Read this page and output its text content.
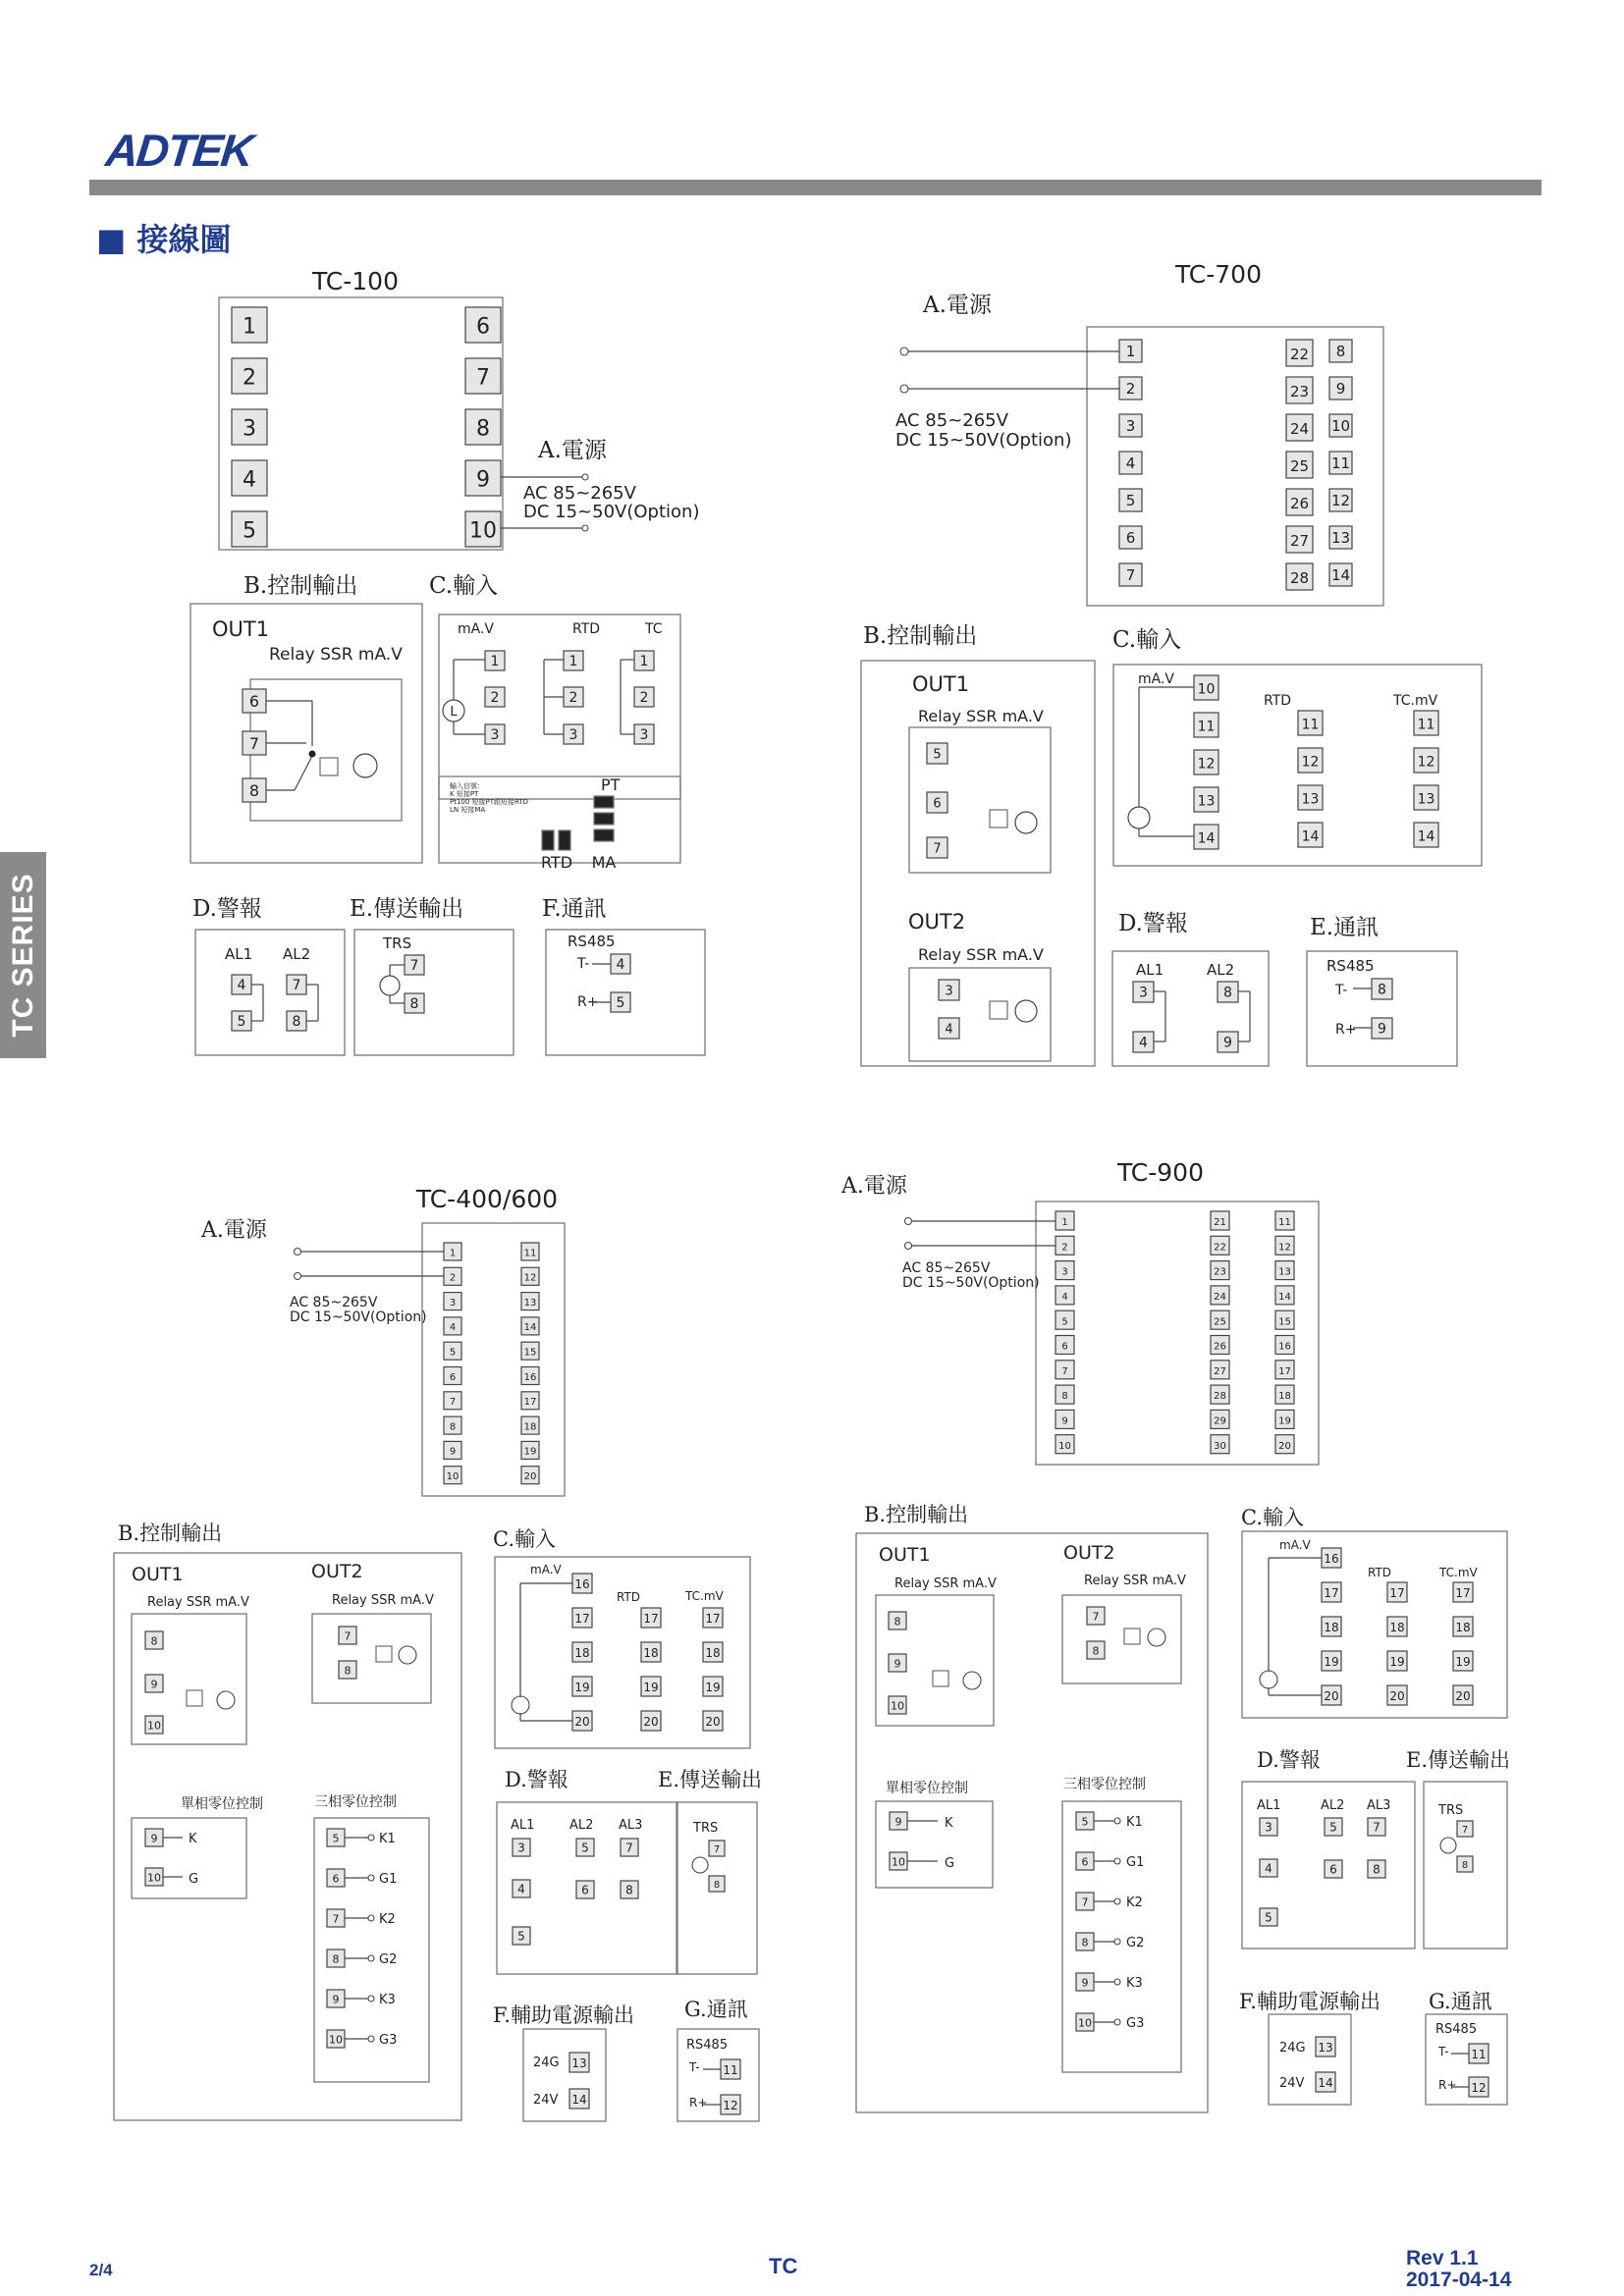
ADTEK
■ 接線圖
TC SERIES
TC-100
1
2
3
4
5
6
7
8
9
10
A.電源
AC 85~265V
DC 15~50V(Option)
B.控制輸出	C.輸入
OUT1
Relay SSR mA.V
6
7
8
mA.V	RTD	TC
1
2
3
1
2
3
1
2
3
L
輸入信號：
K 短接PT
Pt100 短接PT跟短接RTD
LN 短接MA
PT
RTD MA
D.警報	E.傳送輸出	F.通訊
AL1 AL2
4
5
7
8
TRS
7
8
RS485
T-
R+
4
5
TC-700
A.電源
1
2
3
4
5
6
7
22 8
23 9
24 10
25 11
26 12
27 13
28 14
AC 85~265V
DC 15~50V(Option)
B.控制輸出	C.輸入
OUT1
Relay SSR mA.V
5
6
7
OUT2
Relay SSR mA.V
3
4
mA.V
RTD	TC.mV
10
11
12
13
14
11	11
12	12
13	13
14	14
D.警報	E.通訊
AL1	AL2
3
4
8
9
RS485
T-
R+
8
9
TC-400/600
A.電源
1	11
2	12
3	13
4	14
5	15
6	16
7	17
8	18
9	19
10	20
AC 85~265V
DC 15~50V(Option)
B.控制輸出	C.輸入
OUT1
Relay SSR mA.V
OUT2
Relay SSR mA.V
8
9
10
7
8
單相零位控制	三相零位控制
9 K
10 G
5
6
7
8
9
10
K1
G1
K2
G2
K3
G3
mA.V
RTD	TC.mV
16
17
18
19
20
17	17
18	18
19	19
20	20
D.警報	E.傳送輸出
AL1	AL2 AL3
3
4
5
5
6
7
8
TRS
7
8
F.輔助電源輸出 G.通訊
24G 13
24V 14
RS485
T-
R+
11
12
TC-900
A.電源
1	21	11
2	22	12
3	23	13
4	24	14
5	25	15
6	26	16
7	27	17
8	28	18
9	29	19
10	30	20
AC 85~265V
DC 15~50V(Option)
B.控制輸出	C.輸入
OUT1
Relay SSR mA.V
OUT2
Relay SSR mA.V
8
9
10
7
8
單相零位控制	三相零位控制
9	K
10	G
5
6
7
8
9
10
K1
G1
K2
G2
K3
G3
mA.V
RTD	TC.mV
16
17
18
19
20
17	17
18	18
19	19
20	20
D.警報	E.傳送輸出
AL1	AL2 AL3
3
4
5
5
6
7
8
TRS
7
8
F.輔助電源輸出 G.通訊
24G 13
24V 14
RS485
T-
R+
11
12
2/4	TC	Rev 1.1
2017-04-14
